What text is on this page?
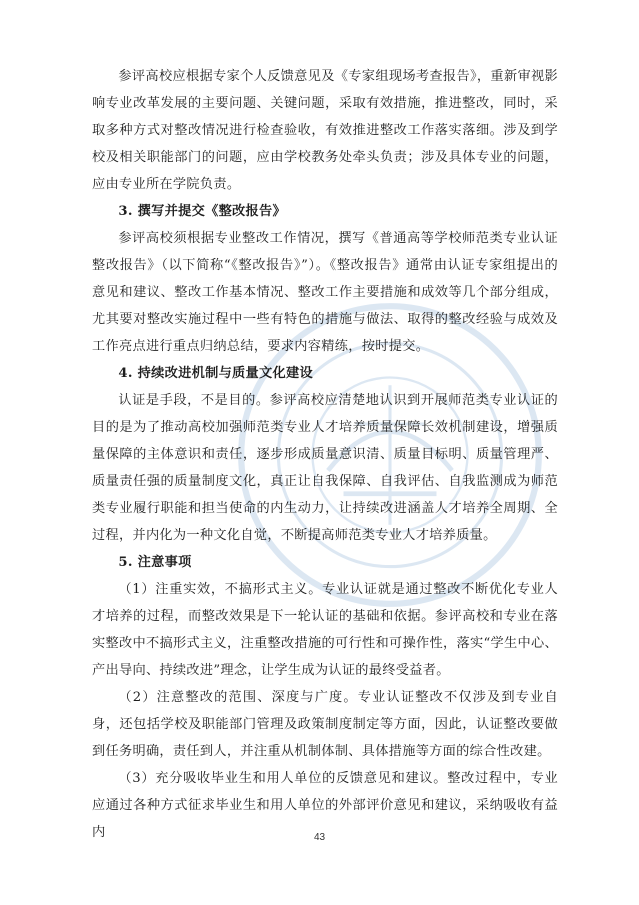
参评高校应根据专家个人反馈意见及《专家组现场考查报告》，重新审视影响专业改革发展的主要问题、关键问题，采取有效措施，推进整改，同时，采取多种方式对整改情况进行检查验收，有效推进整改工作落实落细。涉及到学校及相关职能部门的问题，应由学校教务处牵头负责；涉及具体专业的问题，应由专业所在学院负责。

3. 撰写并提交《整改报告》

参评高校须根据专业整改工作情况，撰写《普通高等学校师范类专业认证整改报告》（以下简称“《整改报告》”）。《整改报告》通常由认证专家组提出的意见和建议、整改工作基本情况、整改工作主要措施和成效等几个部分组成，尤其要对整改实施过程中一些有特色的措施与做法、取得的整改经验与成效及工作亮点进行重点归纳总结，要求内容精练，按时提交。

4. 持续改进机制与质量文化建设

认证是手段，不是目的。参评高校应清楚地认识到开展师范类专业认证的目的是为了推动高校加强师范类专业人才培养质量保障长效机制建设，增强质量保障的主体意识和责任，逐步形成质量意识清、质量目标明、质量管理严、质量责任强的质量制度文化，真正让自我保障、自我评估、自我监测成为师范类专业履行职能和担当使命的内生动力，让持续改进涵盖人才培养全周期、全过程，并内化为一种文化自觉，不断提高师范类专业人才培养质量。

5. 注意事项

（1）注重实效，不搞形式主义。专业认证就是通过整改不断优化专业人才培养的过程，而整改效果是下一轮认证的基础和依据。参评高校和专业在落实整改中不搞形式主义，注重整改措施的可行性和可操作性，落实“学生中心、产出导向、持续改进”理念，让学生成为认证的最终受益者。

（2）注意整改的范围、深度与广度。专业认证整改不仅涉及到专业自身，还包括学校及职能部门管理及政策制度制定等方面，因此，认证整改要做到任务明确，责任到人，并注重从机制体制、具体措施等方面的综合性改建。

（3）充分吸收毕业生和用人单位的反馈意见和建议。整改过程中，专业应通过各种方式征求毕业生和用人单位的外部评价意见和建议，采纳吸收有益内	43
